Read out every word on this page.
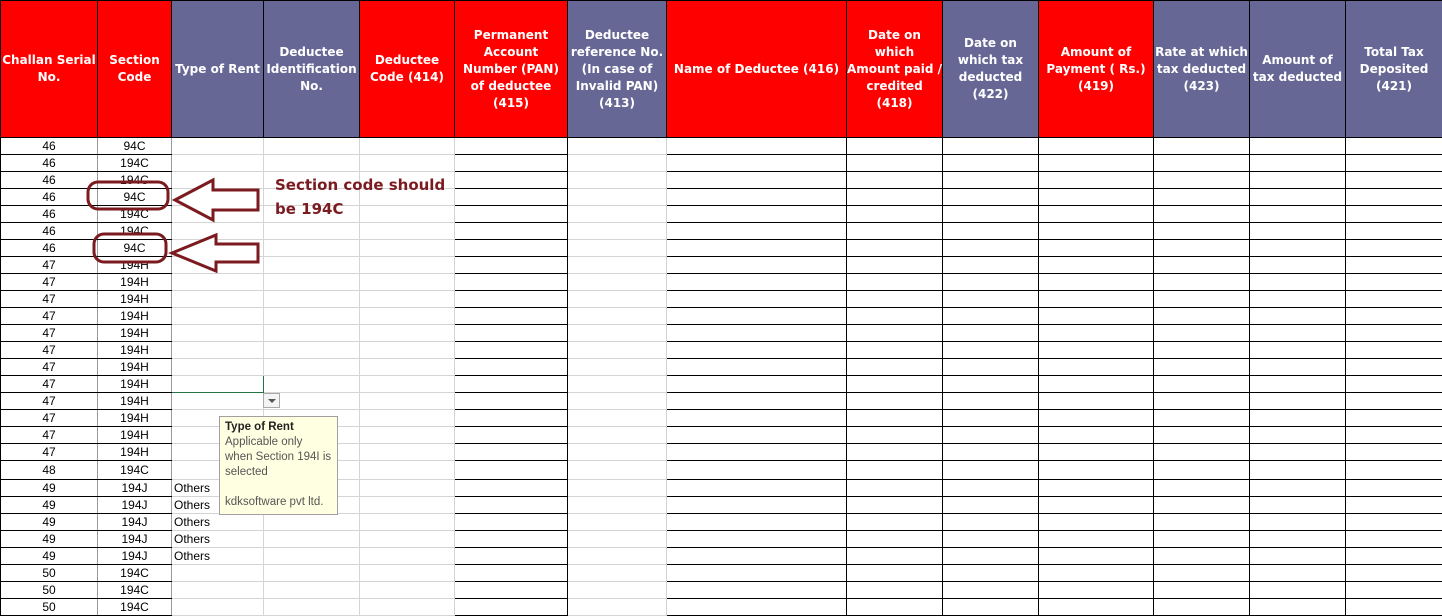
Challan Serial No.	Section Code	Type of Rent	Deductee Identification No.	Deductee Code (414)	Permanent Account Number (PAN) of deductee (415)	Deductee reference No. (In case of Invalid PAN) (413)	Name of Deductee (416)	Date on which Amount paid / credited (418)	Date on which tax deducted (422)	Amount of Payment ( Rs.) (419)	Rate at which tax deducted (423)	Amount of tax deducted	Total Tax Deposited (421)
46	94C												
46	194C												
46	194C												
46	94C												
46	194C												
46	194C												
46	94C												
47	194H												
47	194H												
47	194H												
47	194H												
47	194H												
47	194H												
47	194H												
47	194H												
47	194H												
47	194H												
47	194H												
47	194H												
48	194C												
49	194J	Others											
49	194J	Others											
49	194J	Others											
49	194J	Others											
49	194J	Others											
50	194C												
50	194C												
50	194C												
Type of Rent
Applicable only when Section 194I is selected
kdksoftware pvt ltd.
Section code should be 194C
